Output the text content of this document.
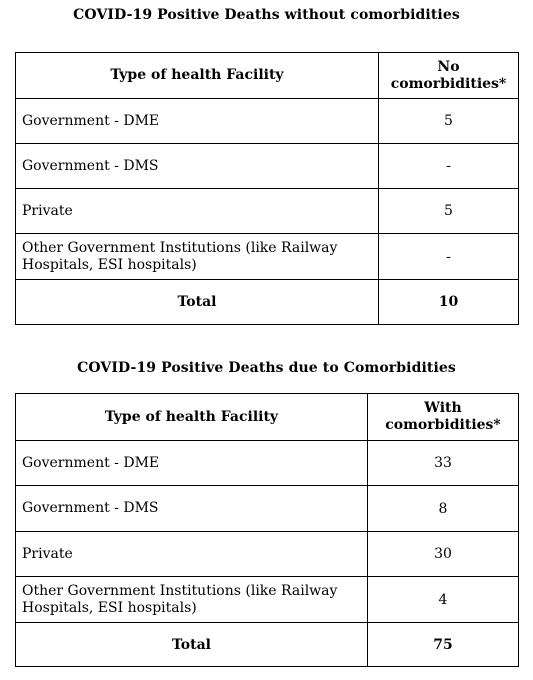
COVID-19 Positive Deaths without comorbidities
Type of health Facility	No
comorbidities*

Government - DME	5
Government - DMS	-
Private	5

Other Government Institutions (like Railway
Hospitals, ESI hospitals)	-
Total	10
COVID-19 Positive Deaths due to Comorbidities
Type of health Facility	With
comorbidities*

Government - DME	33
Government - DMS	8
Private	30

Other Government Institutions (like Railway
Hospitals, ESI hospitals)	4
Total	75
